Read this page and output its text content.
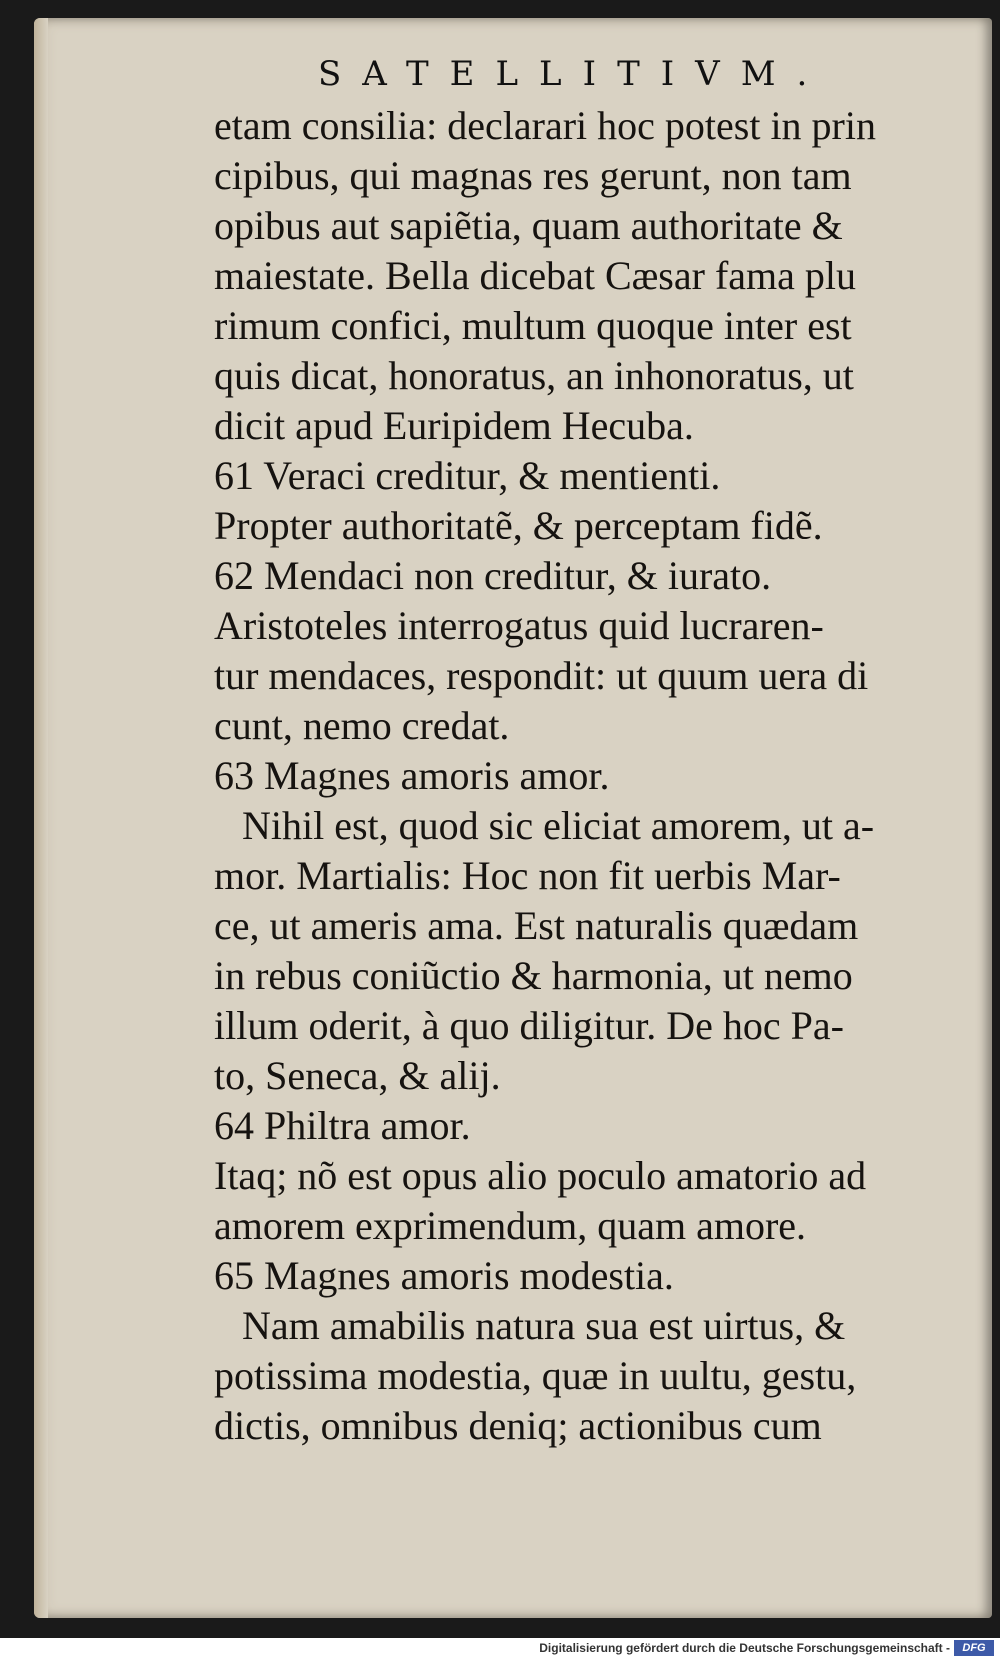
SATELLITIVM.
etam consilia: declarari hoc potest in prin
cipibus, qui magnas res gerunt, non tam
opibus aut sapiẽtia, quam authoritate &
maiestate. Bella dicebat Cæsar fama plu
rimum confici, multum quoque inter est
quis dicat, honoratus, an inhonoratus, ut
dicit apud Euripidem Hecuba.
61 Veraci creditur, & mentienti.
Propter authoritatẽ, & perceptam fidẽ.
62 Mendaci non creditur, & iurato.
Aristoteles interrogatus quid lucraren-
tur mendaces, respondit: ut quum uera di
cunt, nemo credat.
63 Magnes amoris amor.
Nihil est, quod sic eliciat amorem, ut a-
mor. Martialis: Hoc non fit uerbis Mar-
ce, ut ameris ama. Est naturalis quædam
in rebus coniũctio & harmonia, ut nemo
illum oderit, à quo diligitur. De hoc Pa-
to, Seneca, & alij.
64 Philtra amor.
Itaq; nõ est opus alio poculo amatorio ad
amorem exprimendum, quam amore.
65 Magnes amoris modestia.
Nam amabilis natura sua est uirtus, &
potissima modestia, quæ in uultu, gestu,
dictis, omnibus deniq; actionibus cum
Digitalisierung gefördert durch die Deutsche Forschungsgemeinschaft -	DFG
